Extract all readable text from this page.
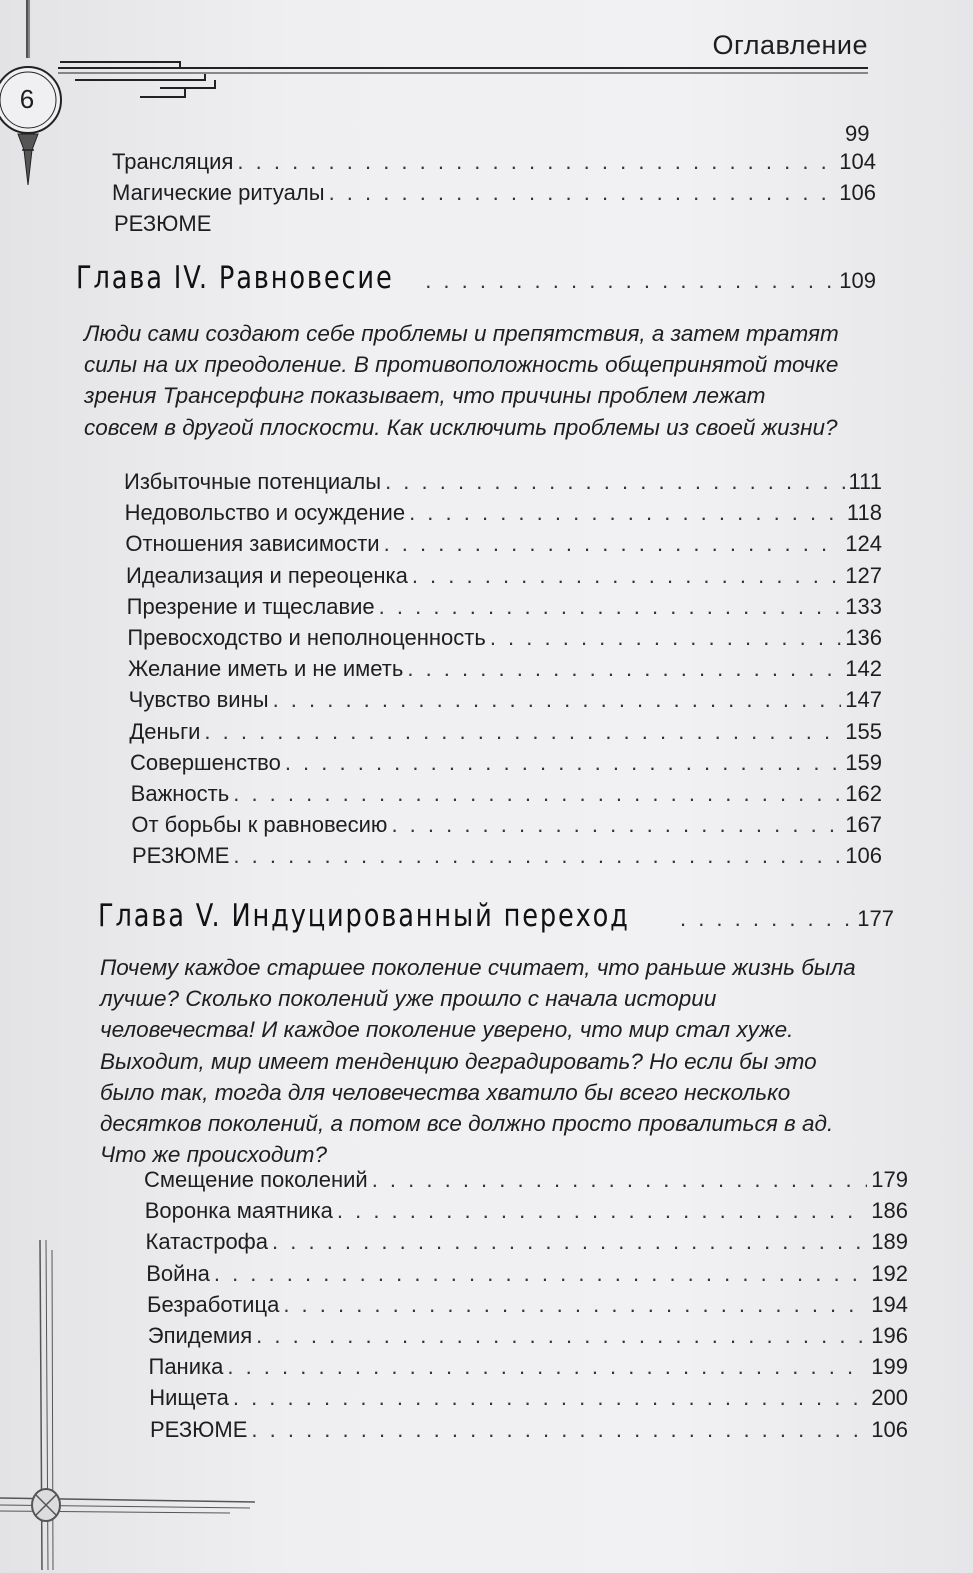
6
Оглавление
99
Трансляция . . .	104
Магические ритуалы . . .	106
РЕЗЮМЕ
Глава IV. Равновесие . . .	109

Люди сами создают себе проблемы и препятствия, а затем тратят силы на их преодоление. В противоположность общепринятой точке зрения Трансерфинг показывает, что причины проблем лежат совсем в другой плоскости. Как исключить проблемы из своей жизни?

Избыточные потенциалы . . .	111
Недовольство и осуждение . . .	118
Отношения зависимости . . .	124
Идеализация и переоценка . . .	127
Презрение и тщеславие . . .	133
Превосходство и неполноценность . . .	136
Желание иметь и не иметь . . .	142
Чувство вины . . .	147
Деньги . . .	155
Совершенство . . .	159
Важность . . .	162
От борьбы к равновесию . . .	167
РЕЗЮМЕ . . .	106
Глава V. Индуцированный переход . . .	177

Почему каждое старшее поколение считает, что раньше жизнь была лучше? Сколько поколений уже прошло с начала истории человечества! И каждое поколение уверено, что мир стал хуже. Выходит, мир имеет тенденцию деградировать? Но если бы это было так, тогда для человечества хватило бы всего несколько десятков поколений, а потом все должно просто провалиться в ад. Что же происходит?

Смещение поколений . . .	179
Воронка маятника . . .	186
Катастрофа . . .	189
Война . . .	192
Безработица . . .	194
Эпидемия . . .	196
Паника . . .	199
Нищета . . .	200
РЕЗЮМЕ . . .	106
